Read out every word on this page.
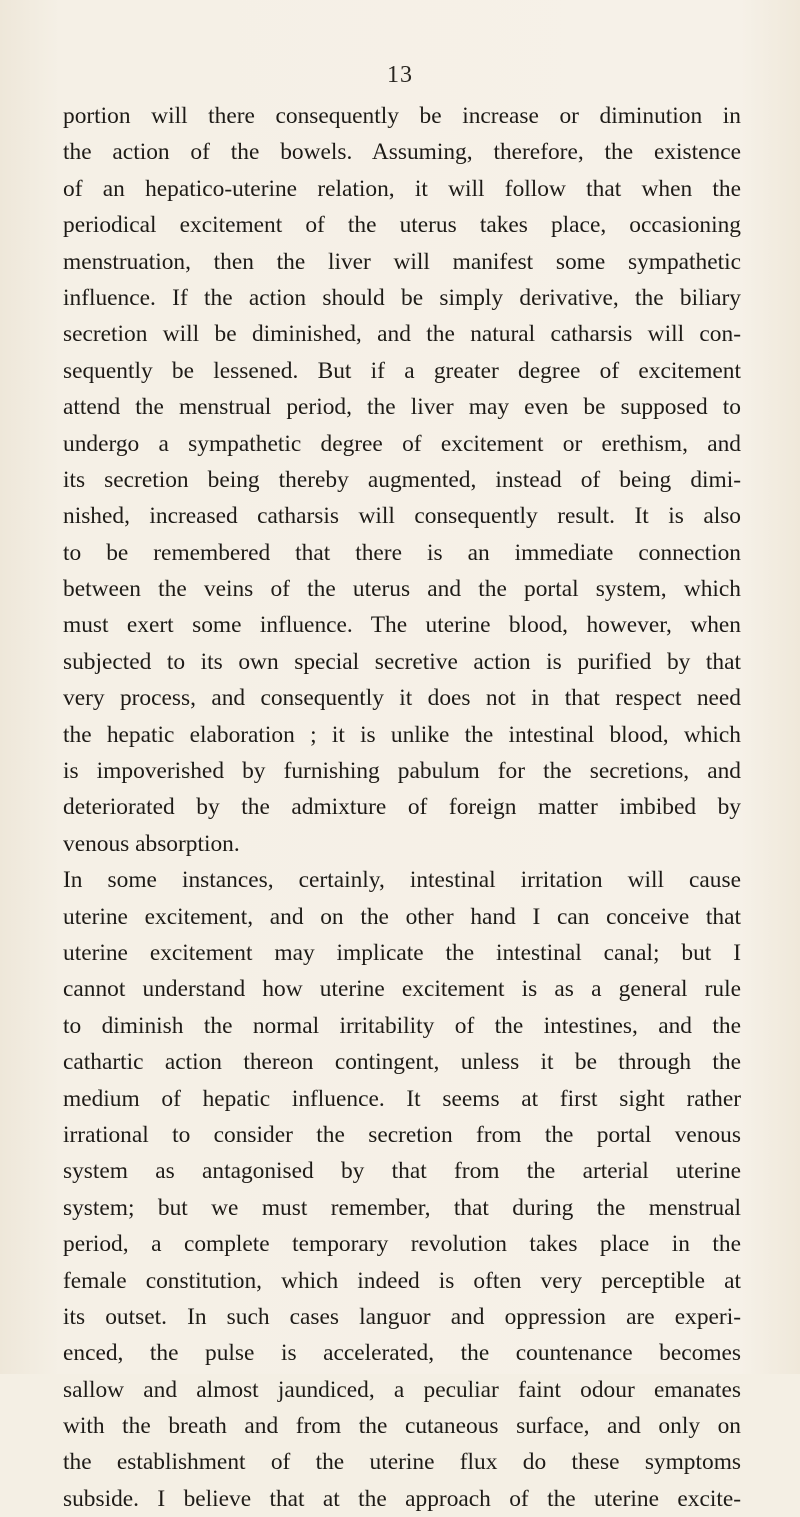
13
portion will there consequently be increase or diminution in
the action of the bowels. Assuming, therefore, the existence
of an hepatico-uterine relation, it will follow that when the
periodical excitement of the uterus takes place, occasioning
menstruation, then the liver will manifest some sympathetic
influence. If the action should be simply derivative, the biliary
secretion will be diminished, and the natural catharsis will con-
sequently be lessened. But if a greater degree of excitement
attend the menstrual period, the liver may even be supposed to
undergo a sympathetic degree of excitement or erethism, and
its secretion being thereby augmented, instead of being dimi-
nished, increased catharsis will consequently result. It is also
to be remembered that there is an immediate connection
between the veins of the uterus and the portal system, which
must exert some influence. The uterine blood, however, when
subjected to its own special secretive action is purified by that
very process, and consequently it does not in that respect need
the hepatic elaboration ; it is unlike the intestinal blood, which
is impoverished by furnishing pabulum for the secretions, and
deteriorated by the admixture of foreign matter imbibed by
venous absorption.
In some instances, certainly, intestinal irritation will cause
uterine excitement, and on the other hand I can conceive that
uterine excitement may implicate the intestinal canal; but I
cannot understand how uterine excitement is as a general rule
to diminish the normal irritability of the intestines, and the
cathartic action thereon contingent, unless it be through the
medium of hepatic influence. It seems at first sight rather
irrational to consider the secretion from the portal venous
system as antagonised by that from the arterial uterine
system; but we must remember, that during the menstrual
period, a complete temporary revolution takes place in the
female constitution, which indeed is often very perceptible at
its outset. In such cases languor and oppression are experi-
enced, the pulse is accelerated, the countenance becomes
sallow and almost jaundiced, a peculiar faint odour emanates
with the breath and from the cutaneous surface, and only on
the establishment of the uterine flux do these symptoms
subside. I believe that at the approach of the uterine excite-
